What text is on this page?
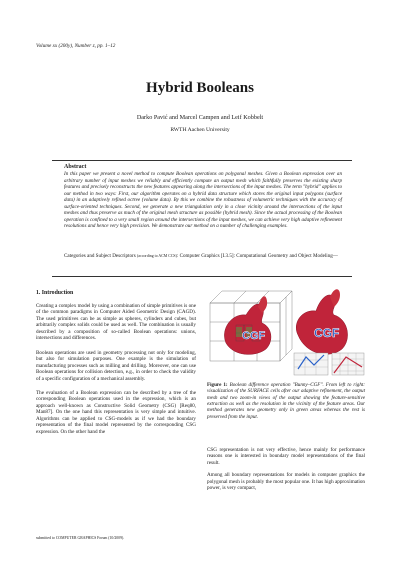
Volume xx (200y), Number z, pp. 1–12
Hybrid Booleans
Darko Pavić and Marcel Campen and Leif Kobbelt
RWTH Aachen University
Abstract

In this paper we present a novel method to compute Boolean operations on polygonal meshes. Given a Boolean expression over an arbitrary number of input meshes we reliably and efficiently compute an output mesh which faithfully preserves the existing sharp features and precisely reconstructs the new features appearing along the intersections of the input meshes. The term "hybrid" applies to our method in two ways: First, our algorithm operates on a hybrid data structure which stores the original input polygons (surface data) in an adaptively refined octree (volume data). By this we combine the robustness of volumetric techniques with the accuracy of surface-oriented techniques. Second, we generate a new triangulation only in a close vicinity around the intersections of the input meshes and thus preserve as much of the original mesh structure as possible (hybrid mesh). Since the actual processing of the Boolean operation is confined to a very small region around the intersections of the input meshes, we can achieve very high adaptive refinement resolutions and hence very high precision. We demonstrate our method on a number of challenging examples.

Categories and Subject Descriptors (according to ACM CCS): Computer Graphics [I.3.5]: Computational Geometry and Object Modeling—

1. Introduction

Creating a complex model by using a combination of simple primitives is one of the common paradigms in Computer Aided Geometric Design (CAGD). The used primitives can be as simple as spheres, cylinders and cubes, but arbitrarily complex solids could be used as well. The combination is usually described by a composition of so-called Boolean operations: unions, intersections and differences.

Boolean operations are used in geometry processing not only for modeling, but also for simulation purposes. One example is the simulation of manufacturing processes such as milling and drilling. Moreover, one can use Boolean operations for collision detection, e.g., in order to check the validity of a specific configuration of a mechanical assembly.

The evaluation of a Boolean expression can be described by a tree of the corresponding Boolean operations used in the expression, which is an approach well-known as Constructive Solid Geometry (CSG) [Req80, Man87]. On the one hand this representation is very simple and intuitive. Algorithms can be applied to CSG-models as if we had the boundary representation of the final model represented by the corresponding CSG expression. On the other hand the

CGF	CGF

Figure 1: Boolean difference operation "Bunny–CGF". From left to right: visualization of the SURFACE cells after our adaptive refinement, the output mesh and two zoom-in views of the output showing the feature-sensitive extraction as well as the resolution in the vicinity of the feature areas. Our method generates new geometry only in green areas whereas the rest is preserved from the input.

CSG representation is not very effective, hence mainly for performance reasons one is interested in boundary model representations of the final result.

Among all boundary representations for models in computer graphics the polygonal mesh is probably the most popular one. It has high approximation power, is very compact,

submitted to COMPUTER GRAPHICS Forum (10/2009).
